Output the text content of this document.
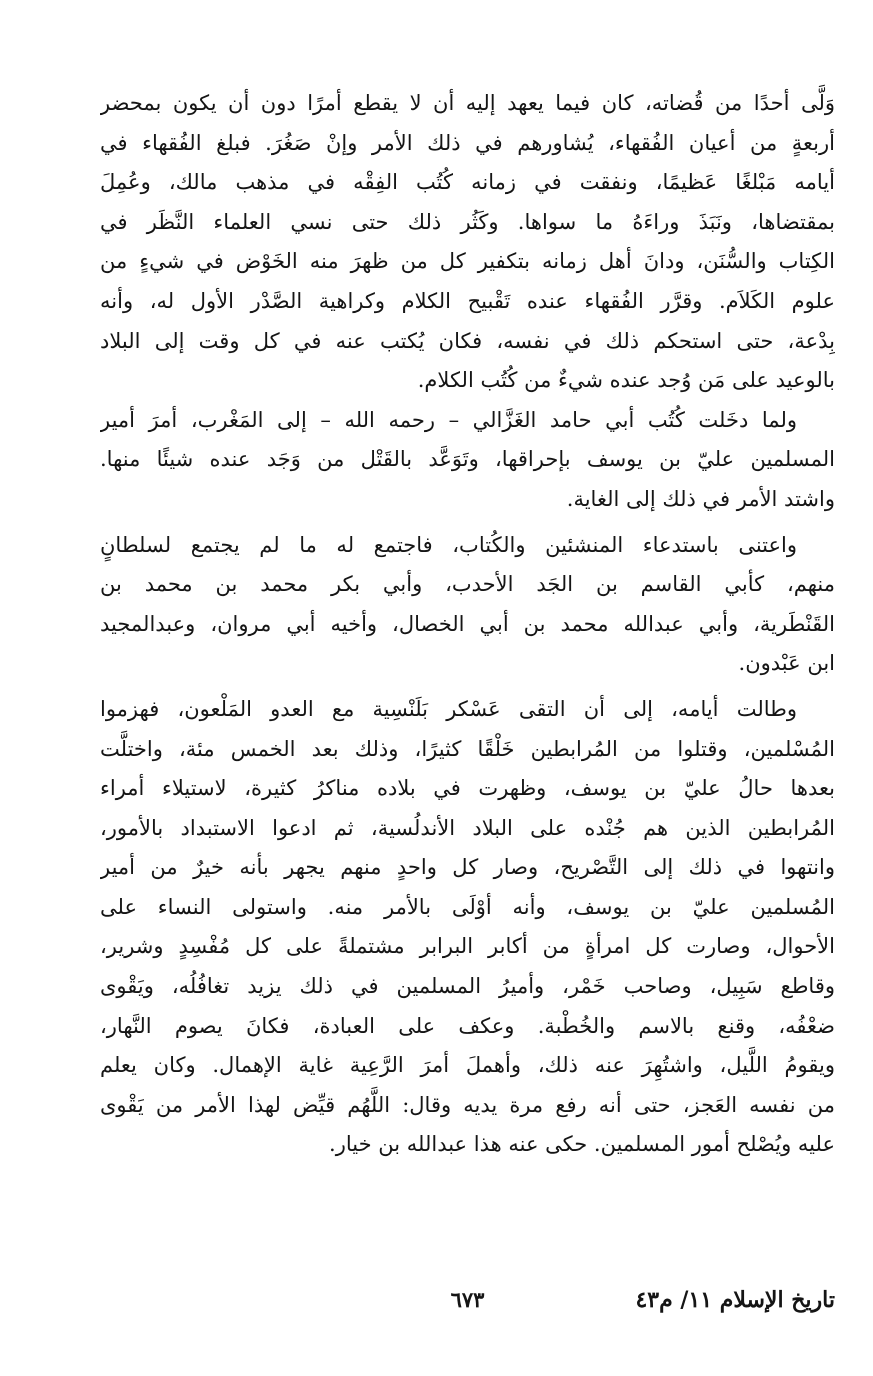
وَلَّى أحدًا من قُضاته، كان فيما يعهد إليه أن لا يقطع أمرًا دون أن يكون بمحضر
أربعةٍ من أعيان الفُقهاء، يُشاورهم في ذلك الأمر وإنْ صَغُرَ. فبلغ الفُقهاء في
أيامه مَبْلغًا عَظيمًا، ونفقت في زمانه كُتُب الفِقْه في مذهب مالك، وعُمِلَ
بمقتضاها، ونَبَذَ وراءَهُ ما سواها. وكَثُر ذلك حتى نسي العلماء النَّظَر في
الكِتاب والسُّنَن، ودانَ أهل زمانه بتكفير كل من ظهرَ منه الخَوْض في شيءٍ من
علوم الكَلاَم. وقرَّر الفُقهاء عنده تَقْبيح الكلام وكراهية الصَّدْر الأول له، وأنه
بِدْعة، حتى استحكم ذلك في نفسه، فكان يُكتب عنه في كل وقت إلى البلاد
بالوعيد على مَن وُجد عنده شيءٌ من كُتُب الكلام.
ولما دخَلت كُتُب أبي حامد الغَزَّالي – رحمه الله – إلى المَغْرب، أمرَ أمير
المسلمين عليّ بن يوسف بإحراقها، وتَوَعَّد بالقَتْل من وَجَد عنده شيئًا منها.
واشتد الأمر في ذلك إلى الغاية.
واعتنى باستدعاء المنشئين والكُتاب، فاجتمع له ما لم يجتمع لسلطانٍ
منهم، كأبي القاسم بن الجَد الأحدب، وأبي بكر محمد بن محمد بن
القَنْطَرية، وأبي عبدالله محمد بن أبي الخصال، وأخيه أبي مروان، وعبدالمجيد
ابن عَبْدون.
وطالت أيامه، إلى أن التقى عَسْكر بَلَنْسِية مع العدو المَلْعون، فهزموا
المُسْلمين، وقتلوا من المُرابطين خَلْقًا كثيرًا، وذلك بعد الخمس مئة، واختلَّت
بعدها حالُ عليّ بن يوسف، وظهرت في بلاده مناكرُ كثيرة، لاستيلاء أمراء
المُرابطين الذين هم جُنْده على البلاد الأندلُسية، ثم ادعوا الاستبداد بالأمور،
وانتهوا في ذلك إلى التَّصْريح، وصار كل واحدٍ منهم يجهر بأنه خيرٌ من أمير
المُسلمين عليّ بن يوسف، وأنه أوْلَى بالأمر منه. واستولى النساء على
الأحوال، وصارت كل امرأةٍ من أكابر البرابر مشتملةً على كل مُفْسِدٍ وشرير،
وقاطع سَبِيل، وصاحب خَمْر، وأميرُ المسلمين في ذلك يزيد تغافُلُه، ويَقْوى
ضعْفُه، وقنع بالاسم والخُطْبة. وعكف على العبادة، فكانَ يصوم النَّهار،
ويقومُ اللَّيل، واشتُهِرَ عنه ذلك، وأهملَ أمرَ الرَّعِية غاية الإهمال. وكان يعلم
من نفسه العَجز، حتى أنه رفع مرة يديه وقال: اللَّهُم قيِّض لهذا الأمر من يَقْوى
عليه ويُصْلح أمور المسلمين. حكى عنه هذا عبدالله بن خيار.
تاريخ الإسلام ١١/ م٤٣
٦٧٣
